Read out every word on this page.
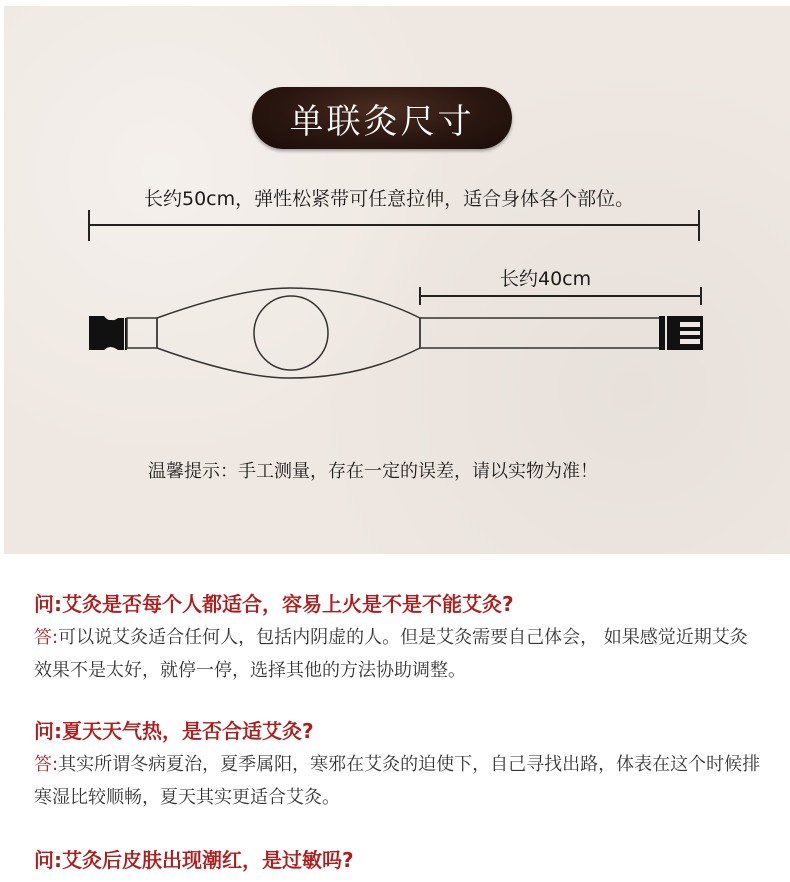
单联灸尺寸
长约50cm，弹性松紧带可任意拉伸，适合身体各个部位。
长约40cm
温馨提示：手工测量，存在一定的误差，请以实物为准！
问:艾灸是否每个人都适合，容易上火是不是不能艾灸?
答:可以说艾灸适合任何人，包括内阴虚的人。但是艾灸需要自己体会， 如果感觉近期艾灸效果不是太好，就停一停，选择其他的方法协助调整。
问:夏天天气热，是否合适艾灸?
答:其实所谓冬病夏治，夏季属阳，寒邪在艾灸的迫使下，自己寻找出路，体表在这个时候排寒湿比较顺畅，夏天其实更适合艾灸。
问:艾灸后皮肤出现潮红，是过敏吗?
